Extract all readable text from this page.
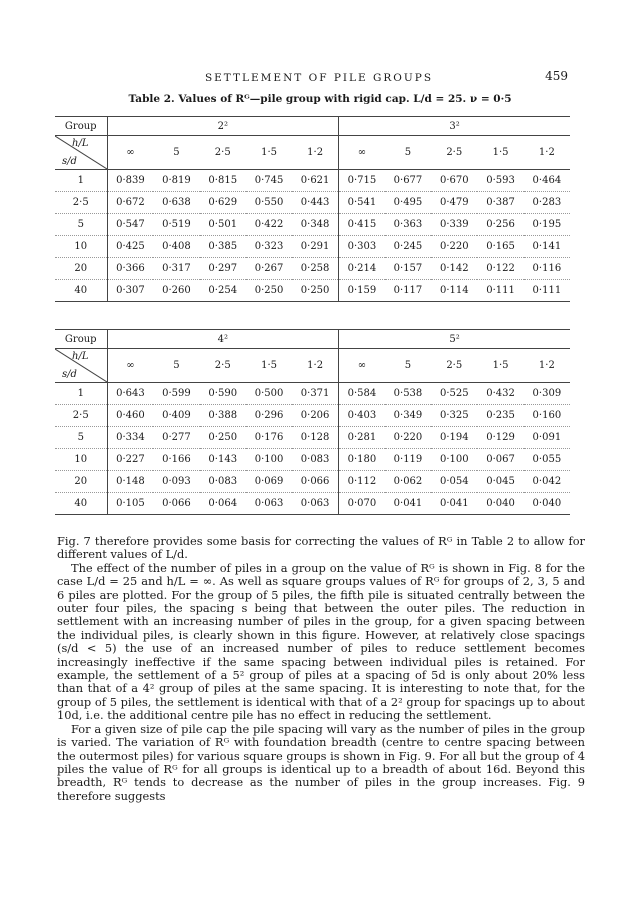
SETTLEMENT OF PILE GROUPS	459
Table 2. Values of Rᴳ—pile group with rigid cap. L/d = 25. ν = 0·5
Group	2²					3²				

h/L
s/d	∞	5	2·5	1·5	1·2	∞	5	2·5	1·5	1·2
1	0·839	0·819	0·815	0·745	0·621	0·715	0·677	0·670	0·593	0·464
2·5	0·672	0·638	0·629	0·550	0·443	0·541	0·495	0·479	0·387	0·283
5	0·547	0·519	0·501	0·422	0·348	0·415	0·363	0·339	0·256	0·195
10	0·425	0·408	0·385	0·323	0·291	0·303	0·245	0·220	0·165	0·141
20	0·366	0·317	0·297	0·267	0·258	0·214	0·157	0·142	0·122	0·116
40	0·307	0·260	0·254	0·250	0·250	0·159	0·117	0·114	0·111	0·111
Group	4²					5²				

h/L
s/d	∞	5	2·5	1·5	1·2	∞	5	2·5	1·5	1·2
1	0·643	0·599	0·590	0·500	0·371	0·584	0·538	0·525	0·432	0·309
2·5	0·460	0·409	0·388	0·296	0·206	0·403	0·349	0·325	0·235	0·160
5	0·334	0·277	0·250	0·176	0·128	0·281	0·220	0·194	0·129	0·091
10	0·227	0·166	0·143	0·100	0·083	0·180	0·119	0·100	0·067	0·055
20	0·148	0·093	0·083	0·069	0·066	0·112	0·062	0·054	0·045	0·042
40	0·105	0·066	0·064	0·063	0·063	0·070	0·041	0·041	0·040	0·040

Fig. 7 therefore provides some basis for correcting the values of Rᴳ in Table 2 to allow for different values of L/d.

The effect of the number of piles in a group on the value of Rᴳ is shown in Fig. 8 for the case L/d = 25 and h/L = ∞. As well as square groups values of Rᴳ for groups of 2, 3, 5 and 6 piles are plotted. For the group of 5 piles, the fifth pile is situated centrally between the outer four piles, the spacing s being that between the outer piles. The reduction in settlement with an increasing number of piles in the group, for a given spacing between the individual piles, is clearly shown in this figure. However, at relatively close spacings (s/d < 5) the use of an increased number of piles to reduce settlement becomes increasingly ineffective if the same spacing between individual piles is retained. For example, the settlement of a 5² group of piles at a spacing of 5d is only about 20% less than that of a 4² group of piles at the same spacing. It is interesting to note that, for the group of 5 piles, the settlement is identical with that of a 2² group for spacings up to about 10d, i.e. the additional centre pile has no effect in reducing the settlement.

For a given size of pile cap the pile spacing will vary as the number of piles in the group is varied. The variation of Rᴳ with foundation breadth (centre to centre spacing between the outermost piles) for various square groups is shown in Fig. 9. For all but the group of 4 piles the value of Rᴳ for all groups is identical up to a breadth of about 16d. Beyond this breadth, Rᴳ tends to decrease as the number of piles in the group increases. Fig. 9 therefore suggests
